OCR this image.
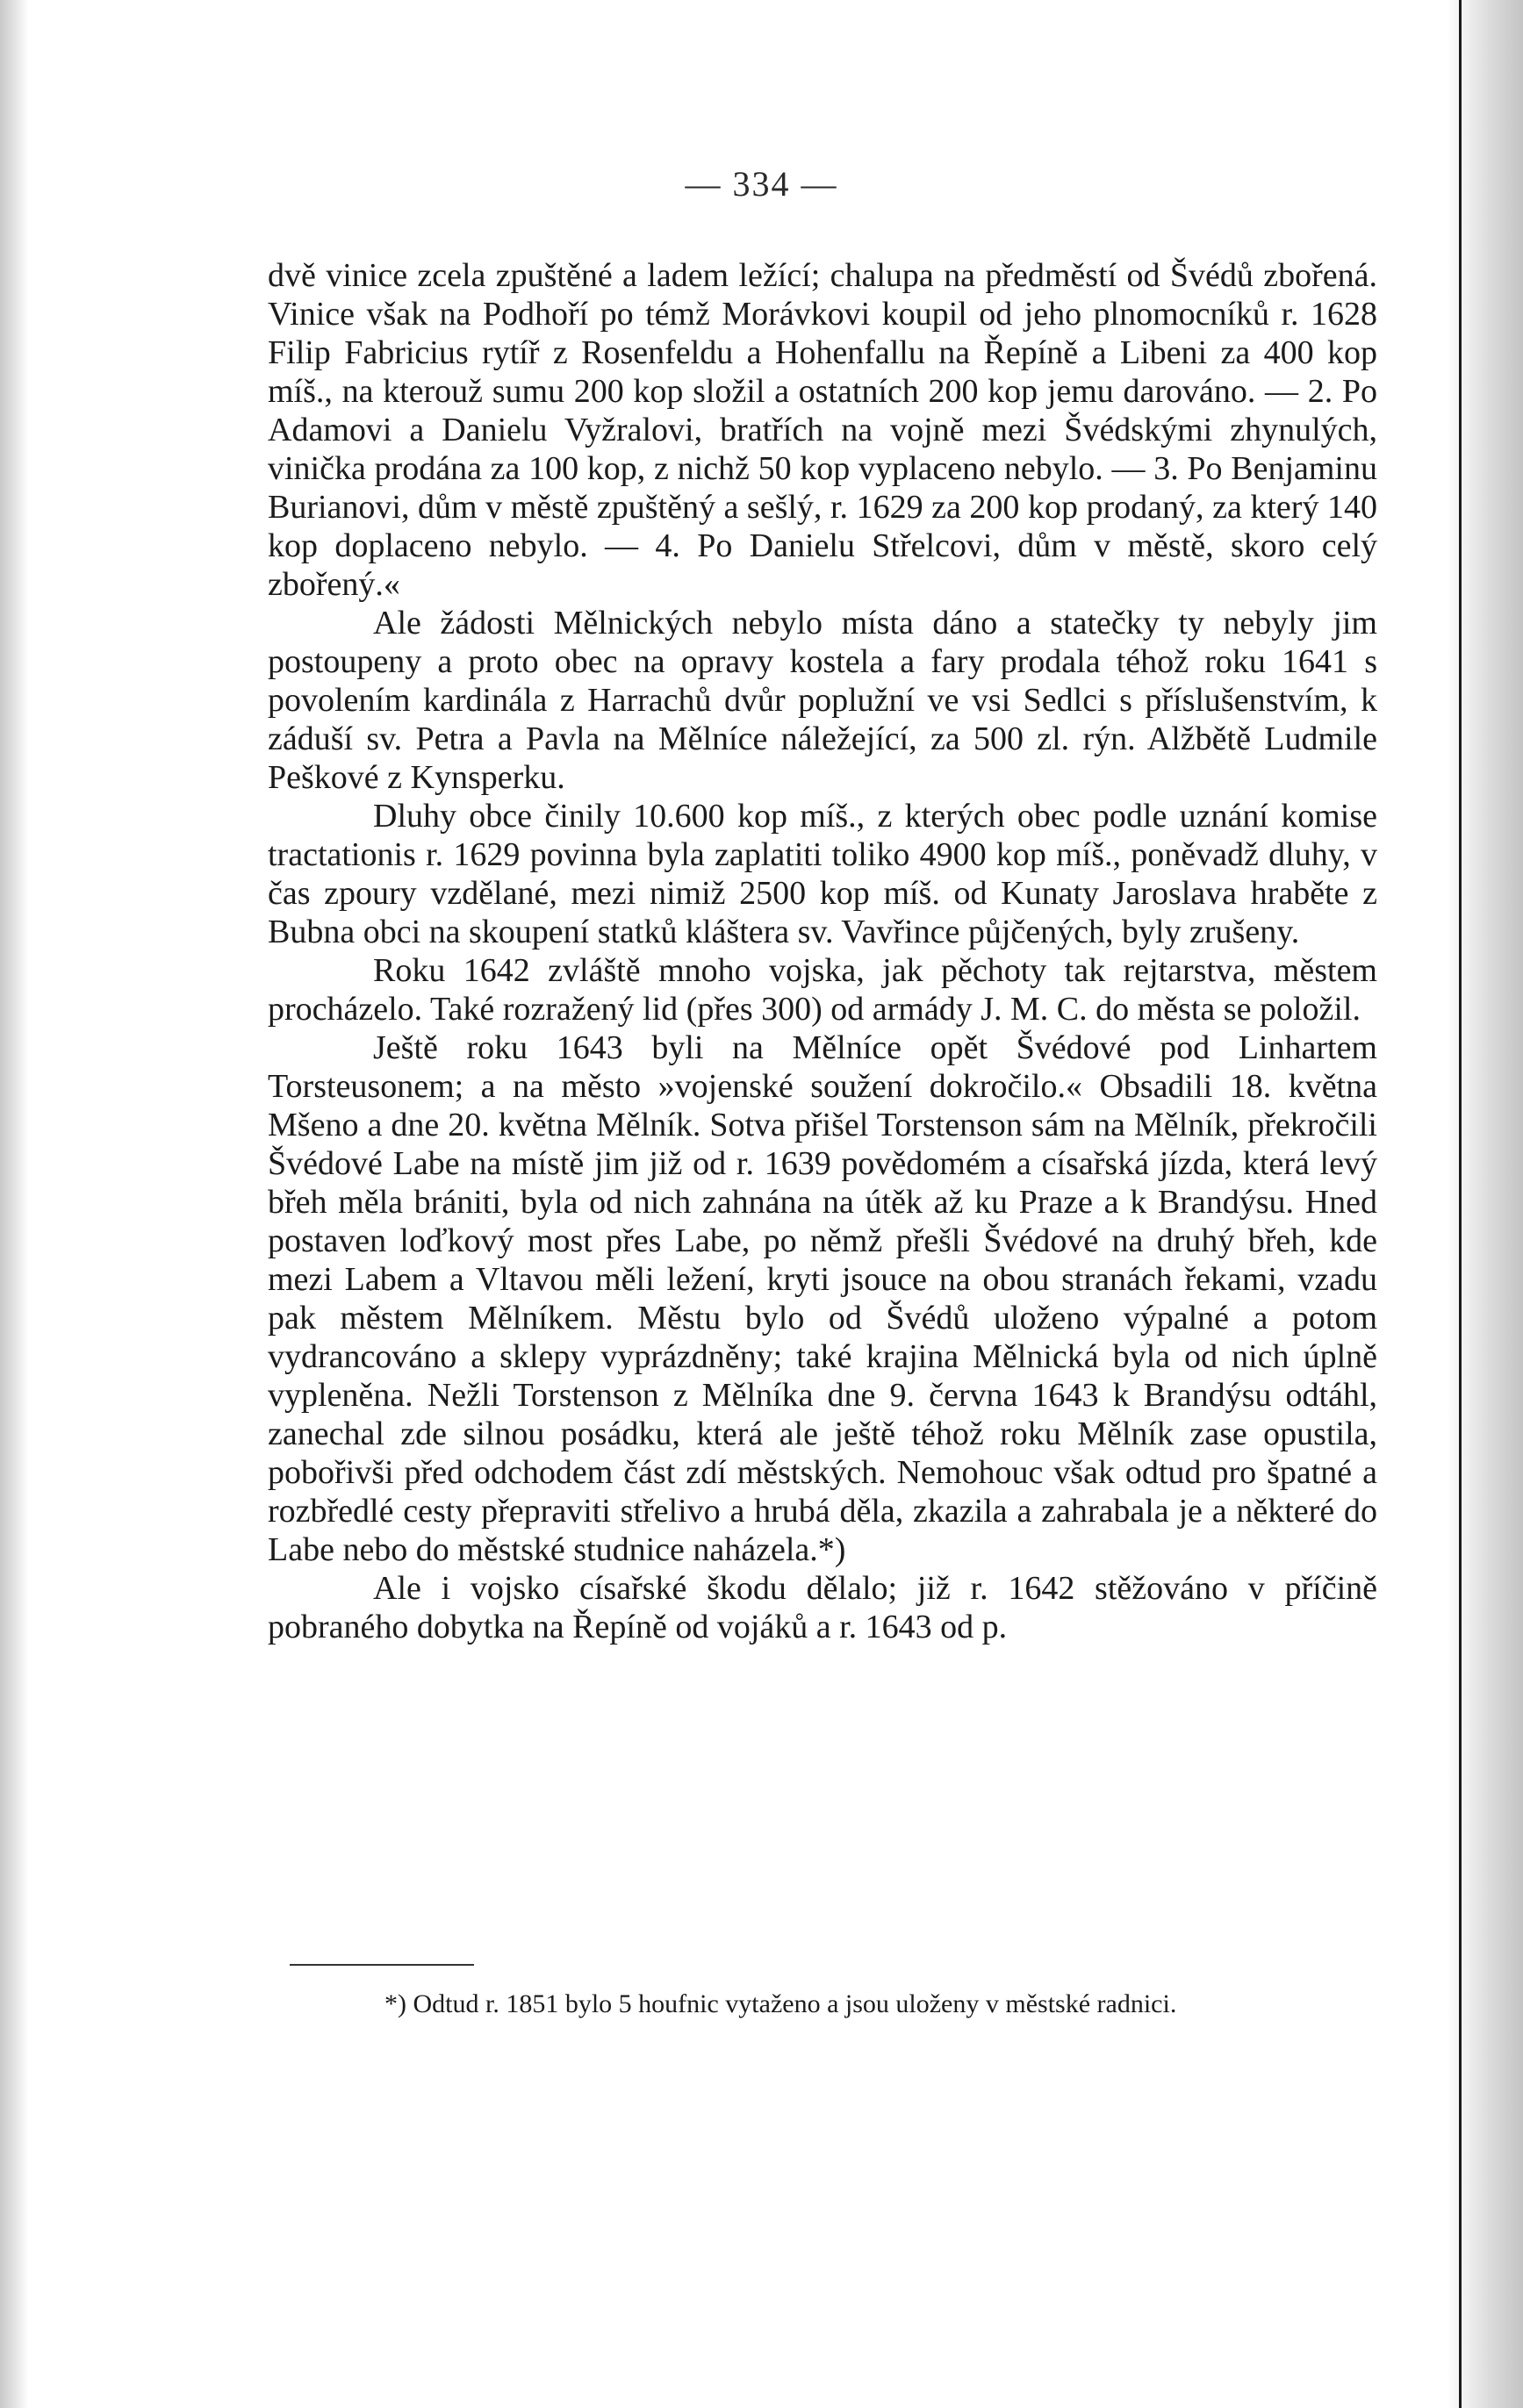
— 334 —

dvě vinice zcela zpuštěné a ladem ležící; chalupa na předměstí od Švédů zbořená. Vinice však na Podhoří po témž Morávkovi koupil od jeho plnomocníků r. 1628 Filip Fabricius rytíř z Rosenfeldu a Hohenfallu na Řepíně a Libeni za 400 kop míš., na kterouž sumu 200 kop složil a ostatních 200 kop jemu darováno. — 2. Po Adamovi a Danielu Vyžralovi, bratřích na vojně mezi Švédskými zhynulých, vinička prodána za 100 kop, z nichž 50 kop vyplaceno nebylo. — 3. Po Benjaminu Burianovi, dům v městě zpuštěný a sešlý, r. 1629 za 200 kop prodaný, za který 140 kop doplaceno nebylo. — 4. Po Danielu Střelcovi, dům v městě, skoro celý zbořený.«

Ale žádosti Mělnických nebylo místa dáno a statečky ty nebyly jim postoupeny a proto obec na opravy kostela a fary prodala téhož roku 1641 s povolením kardinála z Harrachů dvůr poplužní ve vsi Sedlci s příslušenstvím, k záduší sv. Petra a Pavla na Mělníce náležející, za 500 zl. rýn. Alžbětě Ludmile Peškové z Kynsperku.

Dluhy obce činily 10.600 kop míš., z kterých obec podle uznání komise tractationis r. 1629 povinna byla zaplatiti toliko 4900 kop míš., poněvadž dluhy, v čas zpoury vzdělané, mezi nimiž 2500 kop míš. od Kunaty Jaroslava hraběte z Bubna obci na skoupení statků kláštera sv. Vavřince půjčených, byly zrušeny.

Roku 1642 zvláště mnoho vojska, jak pěchoty tak rejtarstva, městem procházelo. Také rozražený lid (přes 300) od armády J. M. C. do města se položil.

Ještě roku 1643 byli na Mělníce opět Švédové pod Linhartem Torsteusonem; a na město »vojenské soužení dokročilo.« Obsadili 18. května Mšeno a dne 20. května Mělník. Sotva přišel Torstenson sám na Mělník, překročili Švédové Labe na místě jim již od r. 1639 povědomém a císařská jízda, která levý břeh měla brániti, byla od nich zahnána na útěk až ku Praze a k Brandýsu. Hned postaven loďkový most přes Labe, po němž přešli Švédové na druhý břeh, kde mezi Labem a Vltavou měli ležení, kryti jsouce na obou stranách řekami, vzadu pak městem Mělníkem. Městu bylo od Švédů uloženo výpalné a potom vydrancováno a sklepy vyprázdněny; také krajina Mělnická byla od nich úplně vypleněna. Nežli Torstenson z Mělníka dne 9. června 1643 k Brandýsu odtáhl, zanechal zde silnou posádku, která ale ještě téhož roku Mělník zase opustila, pobořivši před odchodem část zdí městských. Nemohouc však odtud pro špatné a rozbředlé cesty přepraviti střelivo a hrubá děla, zkazila a zahrabala je a některé do Labe nebo do městské studnice naházela.*)

Ale i vojsko císařské škodu dělalo; již r. 1642 stěžováno v příčině pobraného dobytka na Řepíně od vojáků a r. 1643 od p.

*) Odtud r. 1851 bylo 5 houfnic vytaženo a jsou uloženy v městské radnici.
